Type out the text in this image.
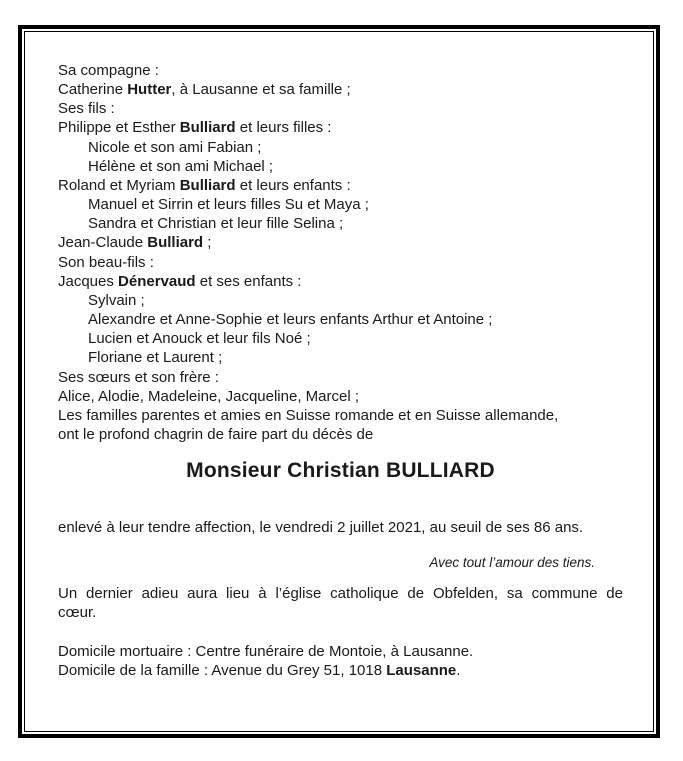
Sa compagne :
Catherine Hutter, à Lausanne et sa famille ;
Ses fils :
Philippe et Esther Bulliard et leurs filles :
Nicole et son ami Fabian ;
Hélène et son ami Michael ;
Roland et Myriam Bulliard et leurs enfants :
Manuel et Sirrin et leurs filles Su et Maya ;
Sandra et Christian et leur fille Selina ;
Jean-Claude Bulliard ;
Son beau-fils :
Jacques Dénervaud et ses enfants :
Sylvain ;
Alexandre et Anne-Sophie et leurs enfants Arthur et Antoine ;
Lucien et Anouck et leur fils Noé ;
Floriane et Laurent ;
Ses sœurs et son frère :
Alice, Alodie, Madeleine, Jacqueline, Marcel ;
Les familles parentes et amies en Suisse romande et en Suisse allemande,
ont le profond chagrin de faire part du décès de
Monsieur Christian BULLIARD
enlevé à leur tendre affection, le vendredi 2 juillet 2021, au seuil de ses 86 ans.
Avec tout l’amour des tiens.
Un dernier adieu aura lieu à l’église catholique de Obfelden, sa commune de
cœur.
Domicile mortuaire : Centre funéraire de Montoie, à Lausanne.
Domicile de la famille : Avenue du Grey 51, 1018 Lausanne.
